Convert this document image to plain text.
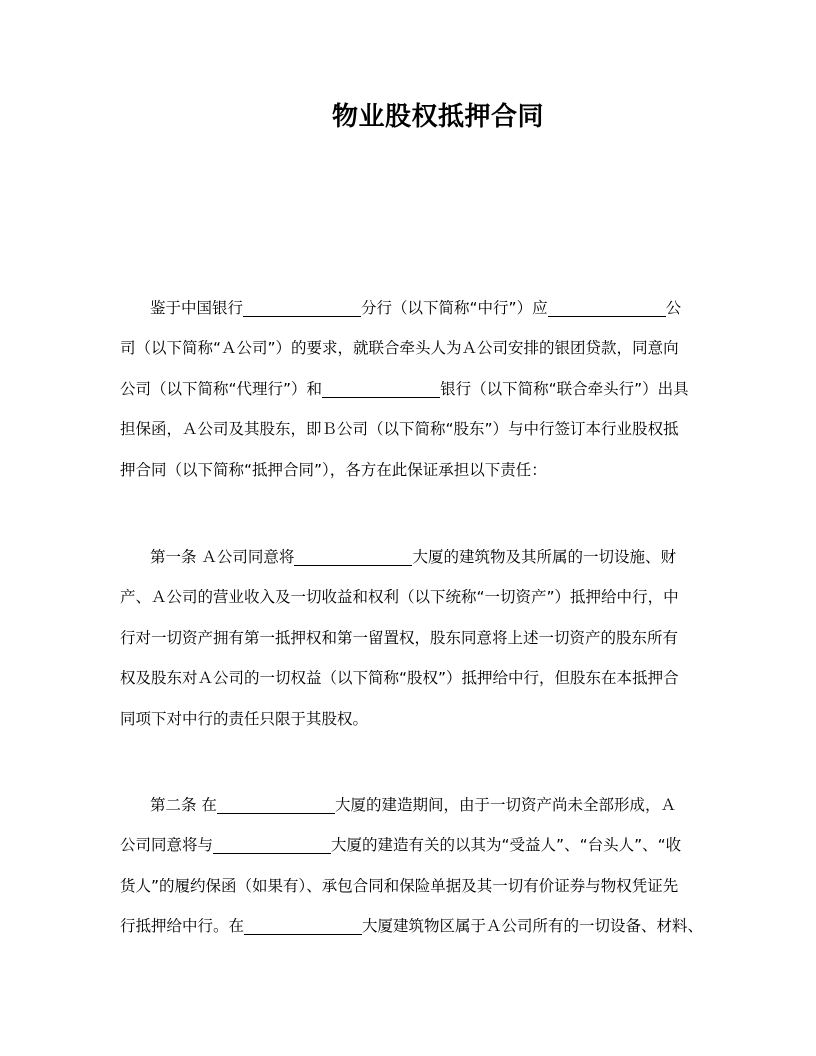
物业股权抵押合同
鉴于中国银行	分行（以下简称“中行”）应	公
司（以下简称“Ａ公司”）的要求，就联合牵头人为Ａ公司安排的银团贷款，同意向
公司（以下简称“代理行”）和	银行（以下简称“联合牵头行”）出具
担保函，Ａ公司及其股东，即Ｂ公司（以下简称“股东”）与中行签订本行业股权抵
押合同（以下简称“抵押合同”），各方在此保证承担以下责任：
第一条 Ａ公司同意将	大厦的建筑物及其所属的一切设施、财
产、Ａ公司的营业收入及一切收益和权利（以下统称“一切资产”）抵押给中行，中
行对一切资产拥有第一抵押权和第一留置权，股东同意将上述一切资产的股东所有
权及股东对Ａ公司的一切权益（以下简称“股权”）抵押给中行，但股东在本抵押合
同项下对中行的责任只限于其股权。
第二条 在	大厦的建造期间，由于一切资产尚未全部形成，Ａ
公司同意将与	大厦的建造有关的以其为“受益人”、“台头人”、“收
货人”的履约保函（如果有）、承包合同和保险单据及其一切有价证券与物权凭证先
行抵押给中行。在	大厦建筑物区属于Ａ公司所有的一切设备、材料、
